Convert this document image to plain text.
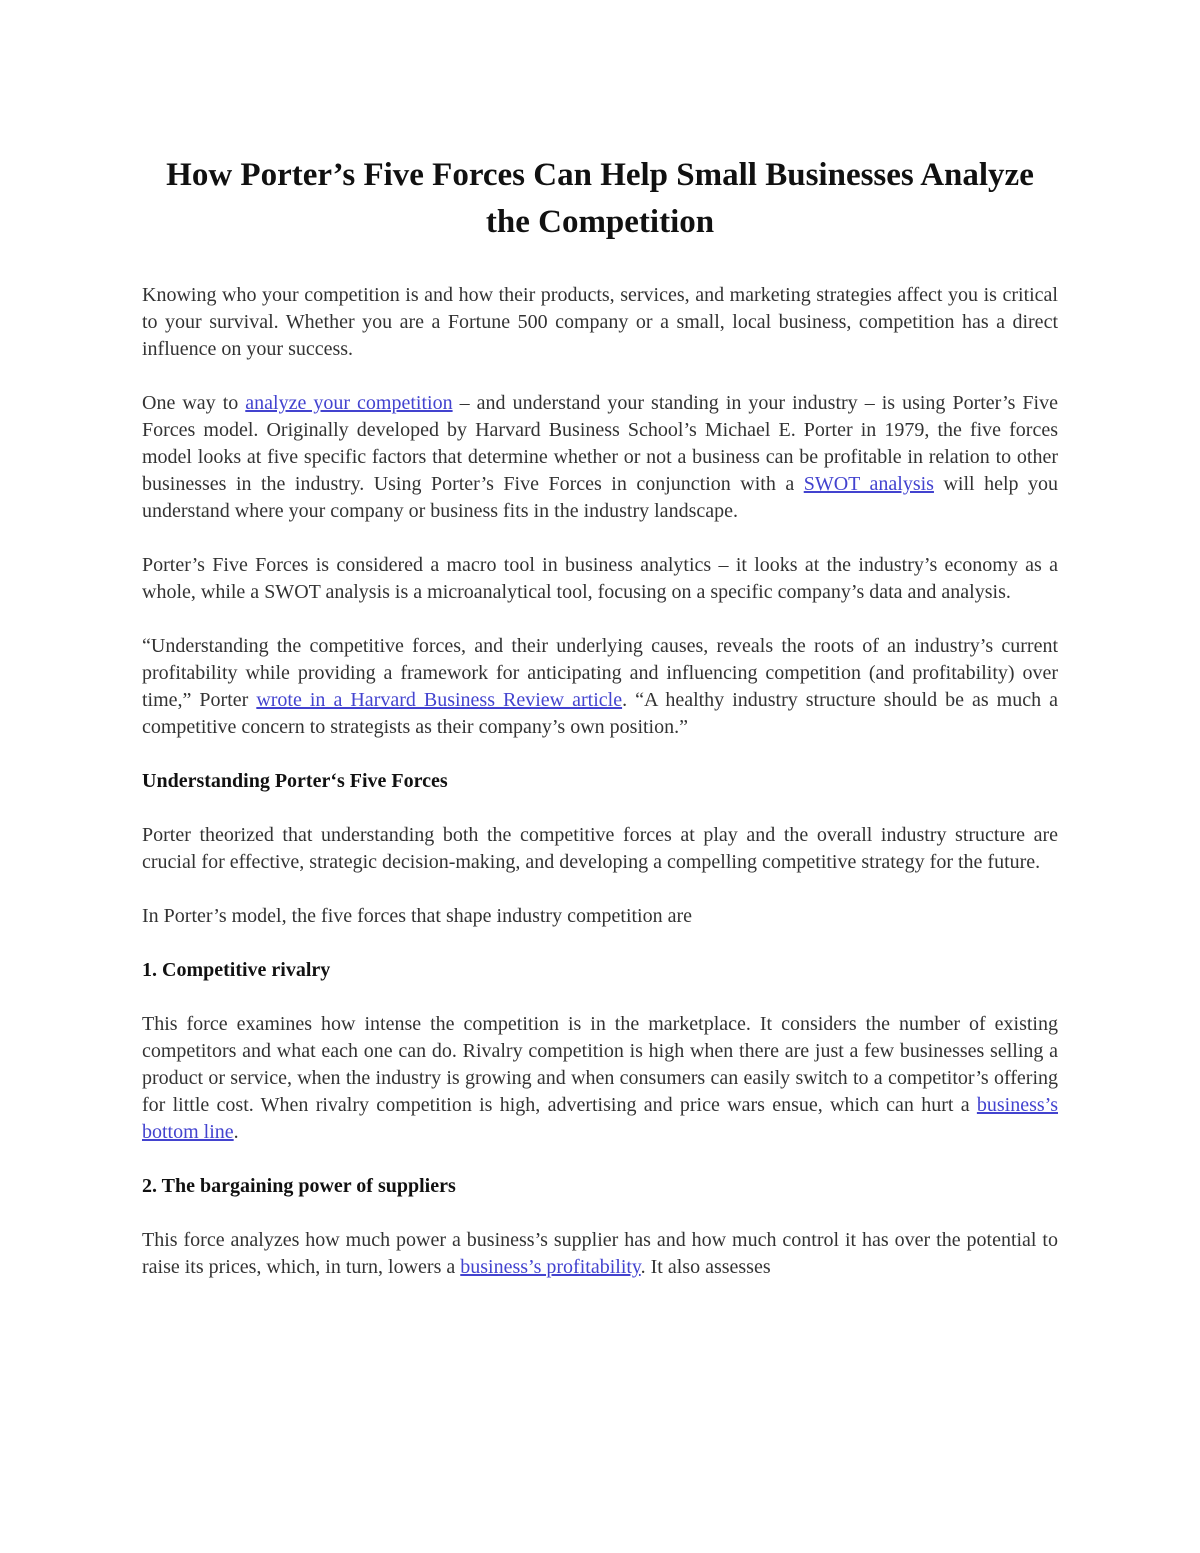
How Porter’s Five Forces Can Help Small Businesses Analyze the Competition

Knowing who your competition is and how their products, services, and marketing strategies affect you is critical to your survival. Whether you are a Fortune 500 company or a small, local business, competition has a direct influence on your success.

One way to analyze your competition – and understand your standing in your industry – is using Porter’s Five Forces model. Originally developed by Harvard Business School’s Michael E. Porter in 1979, the five forces model looks at five specific factors that determine whether or not a business can be profitable in relation to other businesses in the industry. Using Porter’s Five Forces in conjunction with a SWOT analysis will help you understand where your company or business fits in the industry landscape.

Porter’s Five Forces is considered a macro tool in business analytics – it looks at the industry’s economy as a whole, while a SWOT analysis is a microanalytical tool, focusing on a specific company’s data and analysis.

“Understanding the competitive forces, and their underlying causes, reveals the roots of an industry’s current profitability while providing a framework for anticipating and influencing competition (and profitability) over time,” Porter wrote in a Harvard Business Review article. “A healthy industry structure should be as much a competitive concern to strategists as their company’s own position.”

Understanding Porter‘s Five Forces

Porter theorized that understanding both the competitive forces at play and the overall industry structure are crucial for effective, strategic decision-making, and developing a compelling competitive strategy for the future.

In Porter’s model, the five forces that shape industry competition are

1. Competitive rivalry

This force examines how intense the competition is in the marketplace. It considers the number of existing competitors and what each one can do. Rivalry competition is high when there are just a few businesses selling a product or service, when the industry is growing and when consumers can easily switch to a competitor’s offering for little cost. When rivalry competition is high, advertising and price wars ensue, which can hurt a business’s bottom line.

2. The bargaining power of suppliers

This force analyzes how much power a business’s supplier has and how much control it has over the potential to raise its prices, which, in turn, lowers a business’s profitability. It also assesses
